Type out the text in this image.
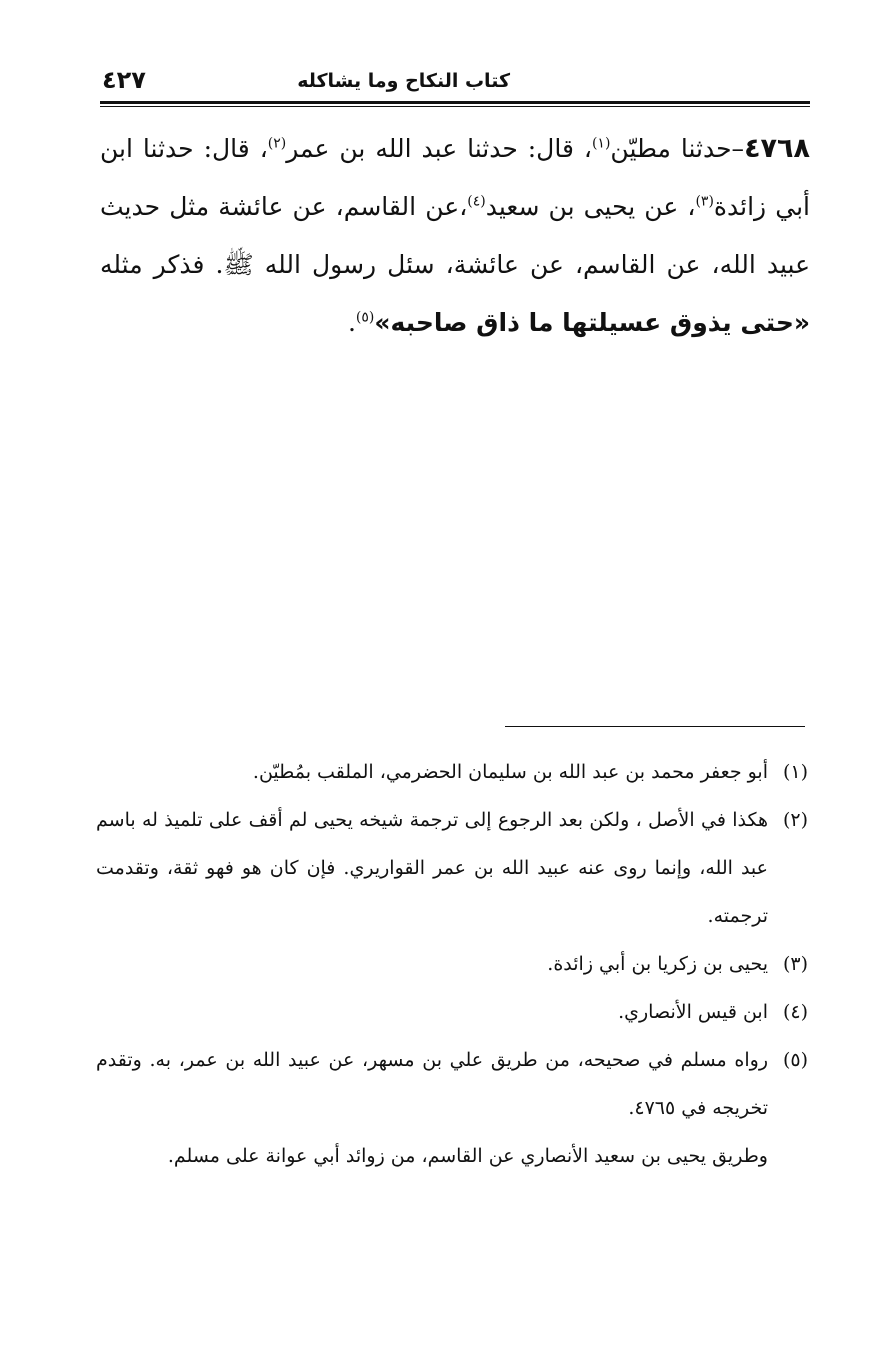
٤٢٧	كتاب النكاح وما يشاكله
٤٧٦٨–حدثنا مطيّن$^{(١)}$، قال: حدثنا عبد الله بن عمر$^{(٢)}$، قال: حدثنا ابن أبي زائدة$^{(٣)}$، عن يحيى بن سعيد$^{(٤)}$،عن القاسم، عن عائشة مثل حديث عبيد الله، عن القاسم، عن عائشة، سئل رسول الله ﷺ. فذكر مثله «حتى يذوق عسيلتها ما ذاق صاحبه»$^{(٥)}$.
(١)
أبو جعفر محمد بن عبد الله بن سليمان الحضرمي، الملقب بمُطيّن.
(٢)
هكذا في الأصل ، ولكن بعد الرجوع إلى ترجمة شيخه يحيى لم أقف على تلميذ له باسم عبد الله، وإنما روى عنه عبيد الله بن عمر القواريري. فإن كان هو فهو ثقة، وتقدمت ترجمته.
(٣)
يحيى بن زكريا بن أبي زائدة.
(٤)
ابن قيس الأنصاري.
(٥)
رواه مسلم في صحيحه، من طريق علي بن مسهر، عن عبيد الله بن عمر، به. وتقدم تخريجه في ٤٧٦٥.
وطريق يحيى بن سعيد الأنصاري عن القاسم، من زوائد أبي عوانة على مسلم.
